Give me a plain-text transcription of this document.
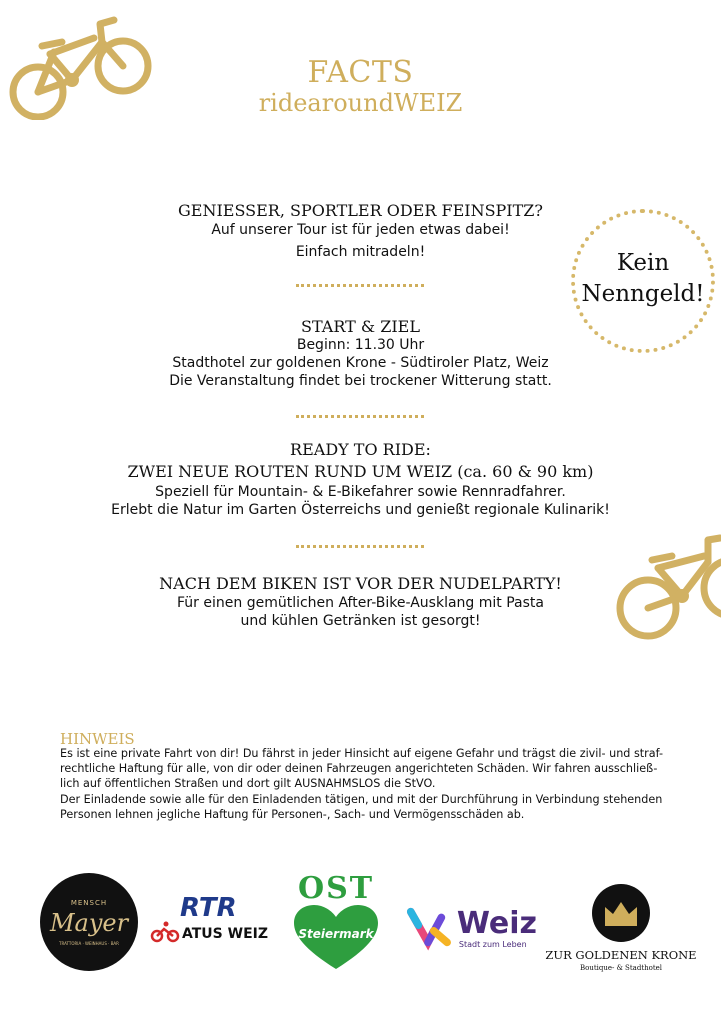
FACTS
ridearoundWEIZ
Kein
Nenngeld!
GENIESSER, SPORTLER ODER FEINSPITZ?
Auf unserer Tour ist für jeden etwas dabei!
Einfach mitradeln!
START & ZIEL
Beginn: 11.30 Uhr
Stadthotel zur goldenen Krone - Südtiroler Platz, Weiz
Die Veranstaltung findet bei trockener Witterung statt.
READY TO RIDE:
ZWEI NEUE ROUTEN RUND UM WEIZ (ca. 60 & 90 km)
Speziell für Mountain- & E-Bikefahrer sowie Rennradfahrer.
Erlebt die Natur im Garten Österreichs und genießt regionale Kulinarik!
NACH DEM BIKEN IST VOR DER NUDELPARTY!
Für einen gemütlichen After-Bike-Ausklang mit Pasta
und kühlen Getränken ist gesorgt!
HINWEIS
Es ist eine private Fahrt von dir! Du fährst in jeder Hinsicht auf eigene Gefahr und trägst die zivil- und straf-
rechtliche Haftung für alle, von dir oder deinen Fahrzeugen angerichteten Schäden. Wir fahren ausschließ-
lich auf öffentlichen Straßen und dort gilt AUSNAHMSLOS die StVO.
Der Einladende sowie alle für den Einladenden tätigen, und mit der Durchführung in Verbindung stehenden
Personen lehnen jegliche Haftung für Personen-, Sach- und Vermögensschäden ab.
MENSCH
Mayer
TRATTORIA · WEINHAUS · BAR
RTR
ATUS WEIZ
OST
Steiermark	Weiz
Stadt zum Leben
ZUR GOLDENEN KRONE
Boutique- & Stadthotel
